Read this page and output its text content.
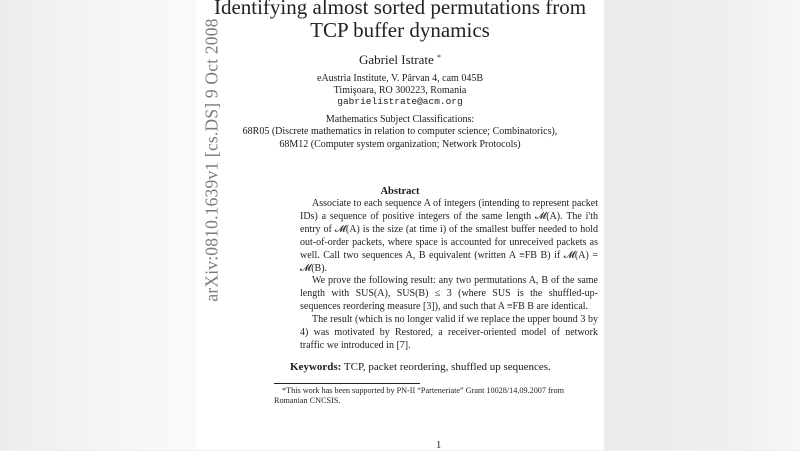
arXiv:0810.1639v1 [cs.DS] 9 Oct 2008
Identifying almost sorted permutations from
TCP buffer dynamics
Gabriel Istrate *
eAustria Institute, V. Pârvan 4, cam 045B
Timişoara, RO 300223, Romania
gabrielistrate@acm.org
Mathematics Subject Classifications:
68R05 (Discrete mathematics in relation to computer science; Combinatorics),
68M12 (Computer system organization; Network Protocols)
Abstract

Associate to each sequence A of integers (intending to represent packet IDs) a sequence of positive integers of the same length 𝓜(A). The i'th entry of 𝓜(A) is the size (at time i) of the smallest buffer needed to hold out-of-order packets, where space is accounted for unreceived packets as well. Call two sequences A, B equivalent (written A ≡FB B) if 𝓜(A) = 𝓜(B).

We prove the following result: any two permutations A, B of the same length with SUS(A), SUS(B) ≤ 3 (where SUS is the shuffled-up-sequences reordering measure [3]), and such that A ≡FB B are identical.

The result (which is no longer valid if we replace the upper bound 3 by 4) was motivated by Restored, a receiver-oriented model of network traffic we introduced in [7].

Keywords: TCP, packet reordering, shuffled up sequences.

*This work has been supported by PN-II “Parteneriate” Grant 10028/14.09.2007 from

Romanian CNCSIS.

1
